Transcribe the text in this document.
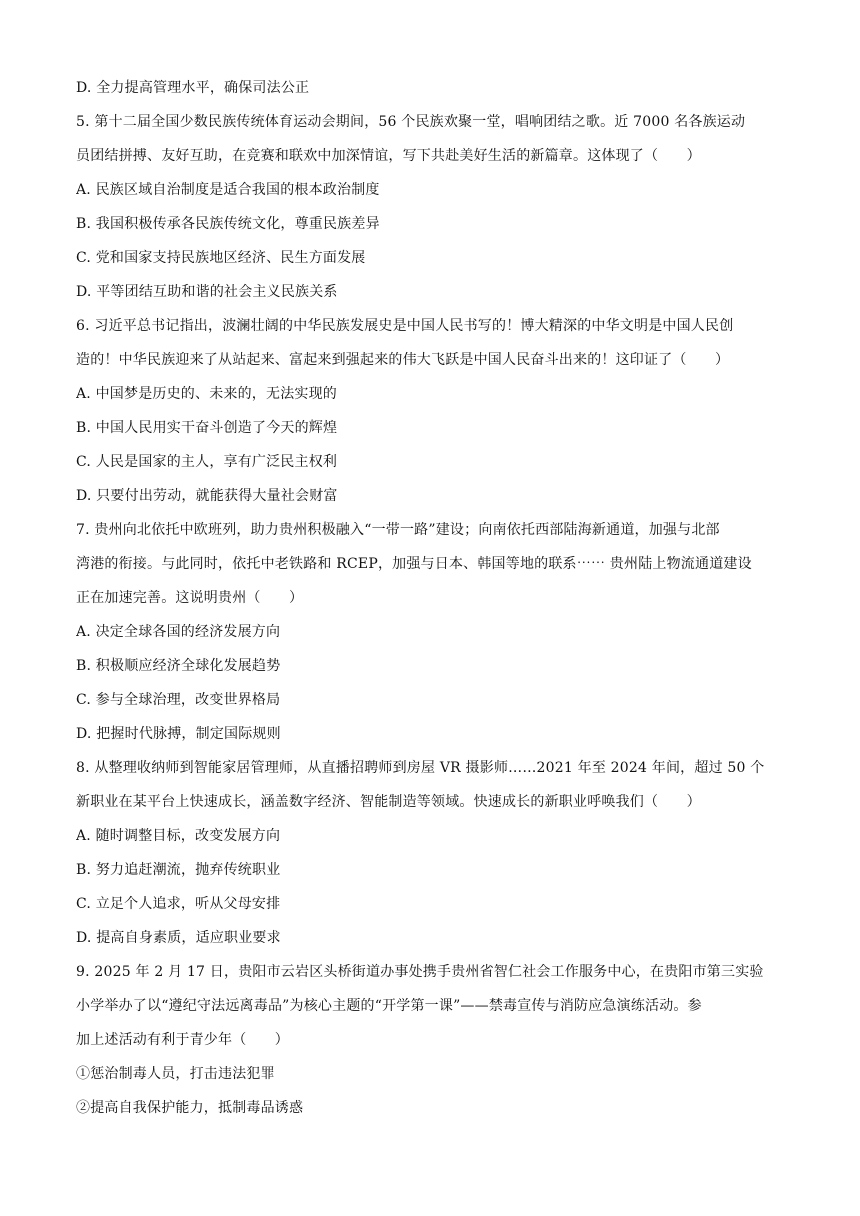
D. 全力提高管理水平，确保司法公正
5. 第十二届全国少数民族传统体育运动会期间，56 个民族欢聚一堂，唱响团结之歌。近 7000 名各族运动
员团结拼搏、友好互助，在竞赛和联欢中加深情谊，写下共赴美好生活的新篇章。这体现了（　　）
A. 民族区域自治制度是适合我国的根本政治制度
B. 我国积极传承各民族传统文化，尊重民族差异
C. 党和国家支持民族地区经济、民生方面发展
D. 平等团结互助和谐的社会主义民族关系
6. 习近平总书记指出，波澜壮阔的中华民族发展史是中国人民书写的！博大精深的中华文明是中国人民创
造的！中华民族迎来了从站起来、富起来到强起来的伟大飞跃是中国人民奋斗出来的！这印证了（　　）
A. 中国梦是历史的、未来的，无法实现的
B. 中国人民用实干奋斗创造了今天的辉煌
C. 人民是国家的主人，享有广泛民主权利
D. 只要付出劳动，就能获得大量社会财富
7. 贵州向北依托中欧班列，助力贵州积极融入“一带一路”建设；向南依托西部陆海新通道，加强与北部
湾港的衔接。与此同时，依托中老铁路和 RCEP，加强与日本、韩国等地的联系⋯⋯ 贵州陆上物流通道建设
正在加速完善。这说明贵州（　　）
A. 决定全球各国的经济发展方向
B. 积极顺应经济全球化发展趋势
C. 参与全球治理，改变世界格局
D. 把握时代脉搏，制定国际规则
8. 从整理收纳师到智能家居管理师，从直播招聘师到房屋 VR 摄影师……2021 年至 2024 年间，超过 50 个
新职业在某平台上快速成长，涵盖数字经济、智能制造等领域。快速成长的新职业呼唤我们（　　）
A. 随时调整目标，改变发展方向
B. 努力追赶潮流，抛弃传统职业
C. 立足个人追求，听从父母安排
D. 提高自身素质，适应职业要求
9. 2025 年 2 月 17 日，贵阳市云岩区头桥街道办事处携手贵州省智仁社会工作服务中心，在贵阳市第三实验
小学举办了以“遵纪守法远离毒品”为核心主题的“开学第一课”——禁毒宣传与消防应急演练活动。参
加上述活动有利于青少年（　　）
①惩治制毒人员，打击违法犯罪
②提高自我保护能力，抵制毒品诱惑
